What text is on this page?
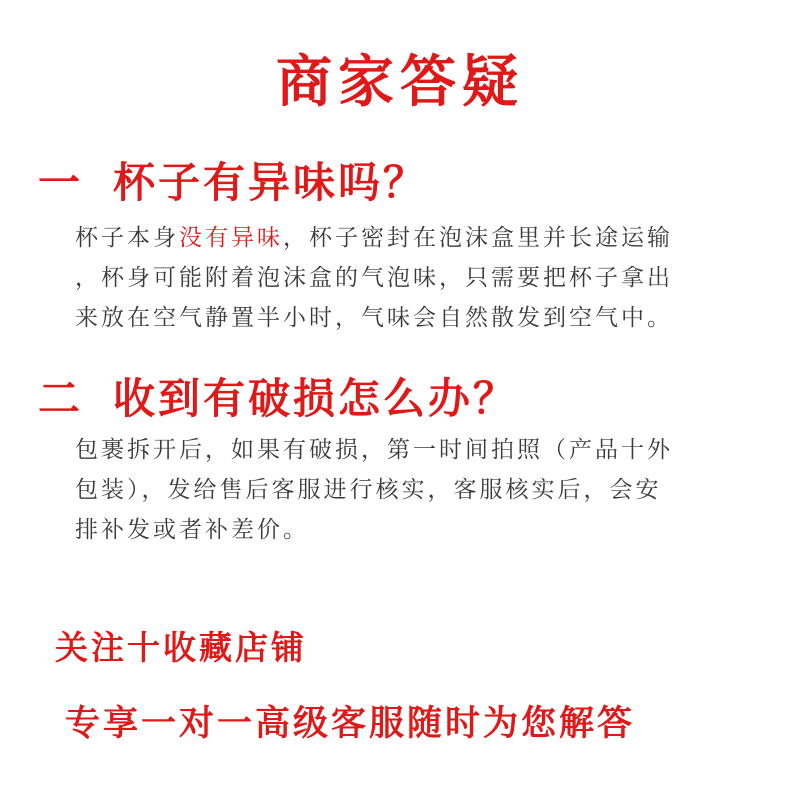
商家答疑
一 杯子有异味吗？
杯子本身没有异味，杯子密封在泡沫盒里并长途运输
，杯身可能附着泡沫盒的气泡味，只需要把杯子拿出
来放在空气静置半小时，气味会自然散发到空气中。
二 收到有破损怎么办？
包裹拆开后，如果有破损，第一时间拍照（产品十外
包装），发给售后客服进行核实，客服核实后，会安
排补发或者补差价。
关注十收藏店铺
专享一对一高级客服随时为您解答
